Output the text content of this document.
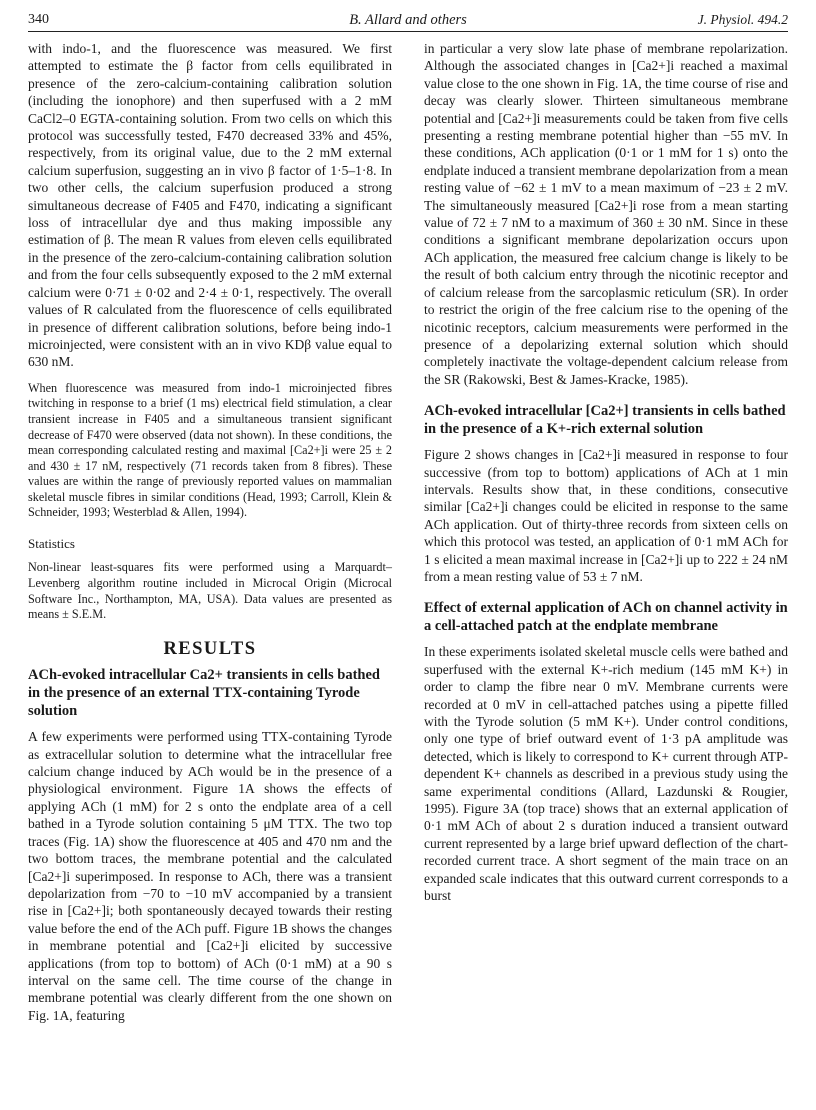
340	B. Allard and others	J. Physiol. 494.2

with indo-1, and the fluorescence was measured. We first attempted to estimate the β factor from cells equilibrated in presence of the zero-calcium-containing calibration solution (including the ionophore) and then superfused with a 2 mM CaCl2–0 EGTA-containing solution. From two cells on which this protocol was successfully tested, F470 decreased 33% and 45%, respectively, from its original value, due to the 2 mM external calcium superfusion, suggesting an in vivo β factor of 1·5–1·8. In two other cells, the calcium superfusion produced a strong simultaneous decrease of F405 and F470, indicating a significant loss of intracellular dye and thus making impossible any estimation of β. The mean R values from eleven cells equilibrated in the presence of the zero-calcium-containing calibration solution and from the four cells subsequently exposed to the 2 mM external calcium were 0·71 ± 0·02 and 2·4 ± 0·1, respectively. The overall values of R calculated from the fluorescence of cells equilibrated in presence of different calibration solutions, before being indo-1 microinjected, were consistent with an in vivo KDβ value equal to 630 nM.

When fluorescence was measured from indo-1 microinjected fibres twitching in response to a brief (1 ms) electrical field stimulation, a clear transient increase in F405 and a simultaneous transient significant decrease of F470 were observed (data not shown). In these conditions, the mean corresponding calculated resting and maximal [Ca2+]i were 25 ± 2 and 430 ± 17 nM, respectively (71 records taken from 8 fibres). These values are within the range of previously reported values on mammalian skeletal muscle fibres in similar conditions (Head, 1993; Carroll, Klein & Schneider, 1993; Westerblad & Allen, 1994).

Statistics

Non-linear least-squares fits were performed using a Marquardt–Levenberg algorithm routine included in Microcal Origin (Microcal Software Inc., Northampton, MA, USA). Data values are presented as means ± S.E.M.

RESULTS

ACh-evoked intracellular Ca2+ transients in cells bathed in the presence of an external TTX-containing Tyrode solution

A few experiments were performed using TTX-containing Tyrode as extracellular solution to determine what the intracellular free calcium change induced by ACh would be in the presence of a physiological environment. Figure 1A shows the effects of applying ACh (1 mM) for 2 s onto the endplate area of a cell bathed in a Tyrode solution containing 5 μM TTX. The two top traces (Fig. 1A) show the fluorescence at 405 and 470 nm and the two bottom traces, the membrane potential and the calculated [Ca2+]i superimposed. In response to ACh, there was a transient depolarization from −70 to −10 mV accompanied by a transient rise in [Ca2+]i; both spontaneously decayed towards their resting value before the end of the ACh puff. Figure 1B shows the changes in membrane potential and [Ca2+]i elicited by successive applications (from top to bottom) of ACh (0·1 mM) at a 90 s interval on the same cell. The time course of the change in membrane potential was clearly different from the one shown on Fig. 1A, featuring

in particular a very slow late phase of membrane repolarization. Although the associated changes in [Ca2+]i reached a maximal value close to the one shown in Fig. 1A, the time course of rise and decay was clearly slower. Thirteen simultaneous membrane potential and [Ca2+]i measurements could be taken from five cells presenting a resting membrane potential higher than −55 mV. In these conditions, ACh application (0·1 or 1 mM for 1 s) onto the endplate induced a transient membrane depolarization from a mean resting value of −62 ± 1 mV to a mean maximum of −23 ± 2 mV. The simultaneously measured [Ca2+]i rose from a mean starting value of 72 ± 7 nM to a maximum of 360 ± 30 nM. Since in these conditions a significant membrane depolarization occurs upon ACh application, the measured free calcium change is likely to be the result of both calcium entry through the nicotinic receptor and of calcium release from the sarcoplasmic reticulum (SR). In order to restrict the origin of the free calcium rise to the opening of the nicotinic receptors, calcium measurements were performed in the presence of a depolarizing external solution which should completely inactivate the voltage-dependent calcium release from the SR (Rakowski, Best & James-Kracke, 1985).

ACh-evoked intracellular [Ca2+] transients in cells bathed in the presence of a K+-rich external solution

Figure 2 shows changes in [Ca2+]i measured in response to four successive (from top to bottom) applications of ACh at 1 min intervals. Results show that, in these conditions, consecutive similar [Ca2+]i changes could be elicited in response to the same ACh application. Out of thirty-three records from sixteen cells on which this protocol was tested, an application of 0·1 mM ACh for 1 s elicited a mean maximal increase in [Ca2+]i up to 222 ± 24 nM from a mean resting value of 53 ± 7 nM.

Effect of external application of ACh on channel activity in a cell-attached patch at the endplate membrane

In these experiments isolated skeletal muscle cells were bathed and superfused with the external K+-rich medium (145 mM K+) in order to clamp the fibre near 0 mV. Membrane currents were recorded at 0 mV in cell-attached patches using a pipette filled with the Tyrode solution (5 mM K+). Under control conditions, only one type of brief outward event of 1·3 pA amplitude was detected, which is likely to correspond to K+ current through ATP-dependent K+ channels as described in a previous study using the same experimental conditions (Allard, Lazdunski & Rougier, 1995). Figure 3A (top trace) shows that an external application of 0·1 mM ACh of about 2 s duration induced a transient outward current represented by a large brief upward deflection of the chart-recorded current trace. A short segment of the main trace on an expanded scale indicates that this outward current corresponds to a burst
